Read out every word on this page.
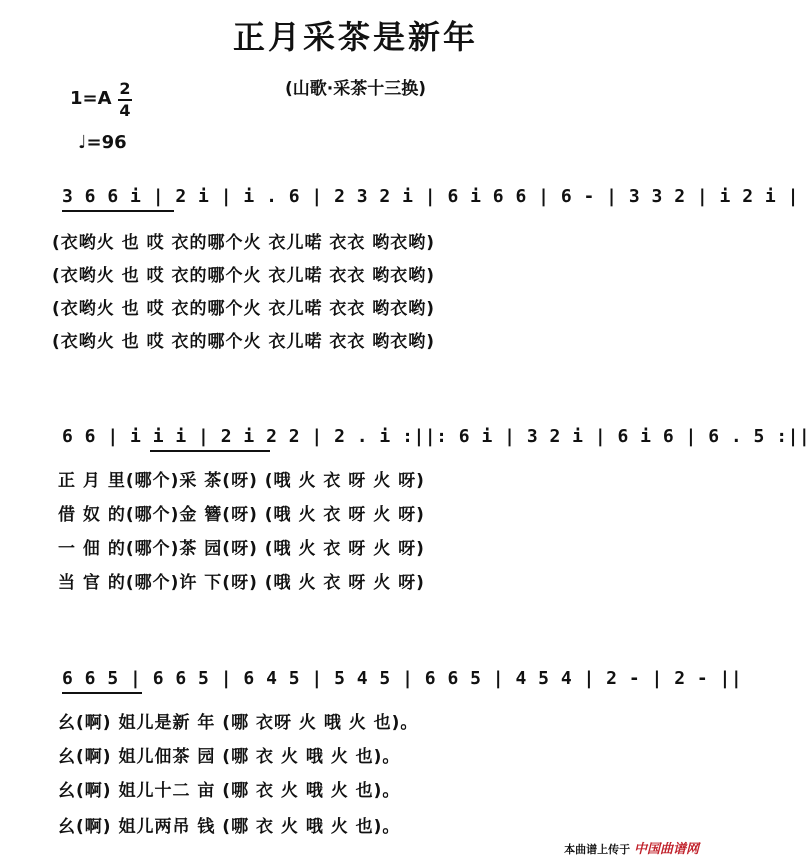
正月采茶是新年
(山歌·采茶十三换)
1=A 2
4
♩=96
3 6 6 i | 2 i | i . 6 | 2 3 2 i | 6 i 6 6 | 6 - | 3 3 2 | i 2 i |
(衣哟火 也 哎 衣的哪个火 衣儿喏 衣衣 哟衣哟)
(衣哟火 也 哎 衣的哪个火 衣儿喏 衣衣 哟衣哟)
(衣哟火 也 哎 衣的哪个火 衣儿喏 衣衣 哟衣哟)
(衣哟火 也 哎 衣的哪个火 衣儿喏 衣衣 哟衣哟)
6 6 | i i i | 2 i 2 2 | 2 . i :||: 6 i | 3 2 i | 6 i 6 | 6 . 5 :||
正 月 里(哪个)采 茶(呀) (哦 火 衣 呀 火 呀)
借 奴 的(哪个)金 簪(呀) (哦 火 衣 呀 火 呀)
一 佃 的(哪个)茶 园(呀) (哦 火 衣 呀 火 呀)
当 官 的(哪个)许 下(呀) (哦 火 衣 呀 火 呀)
6 6 5 | 6 6 5 | 6 4 5 | 5 4 5 | 6 6 5 | 4 5 4 | 2 - | 2 - ||
幺(啊) 姐儿是新 年 (哪 衣呀 火 哦 火 也)。
幺(啊) 姐儿佃茶 园 (哪 衣 火 哦 火 也)。
幺(啊) 姐儿十二 亩 (哪 衣 火 哦 火 也)。
幺(啊) 姐儿两吊 钱 (哪 衣 火 哦 火 也)。
本曲谱上传于 中国曲谱网
